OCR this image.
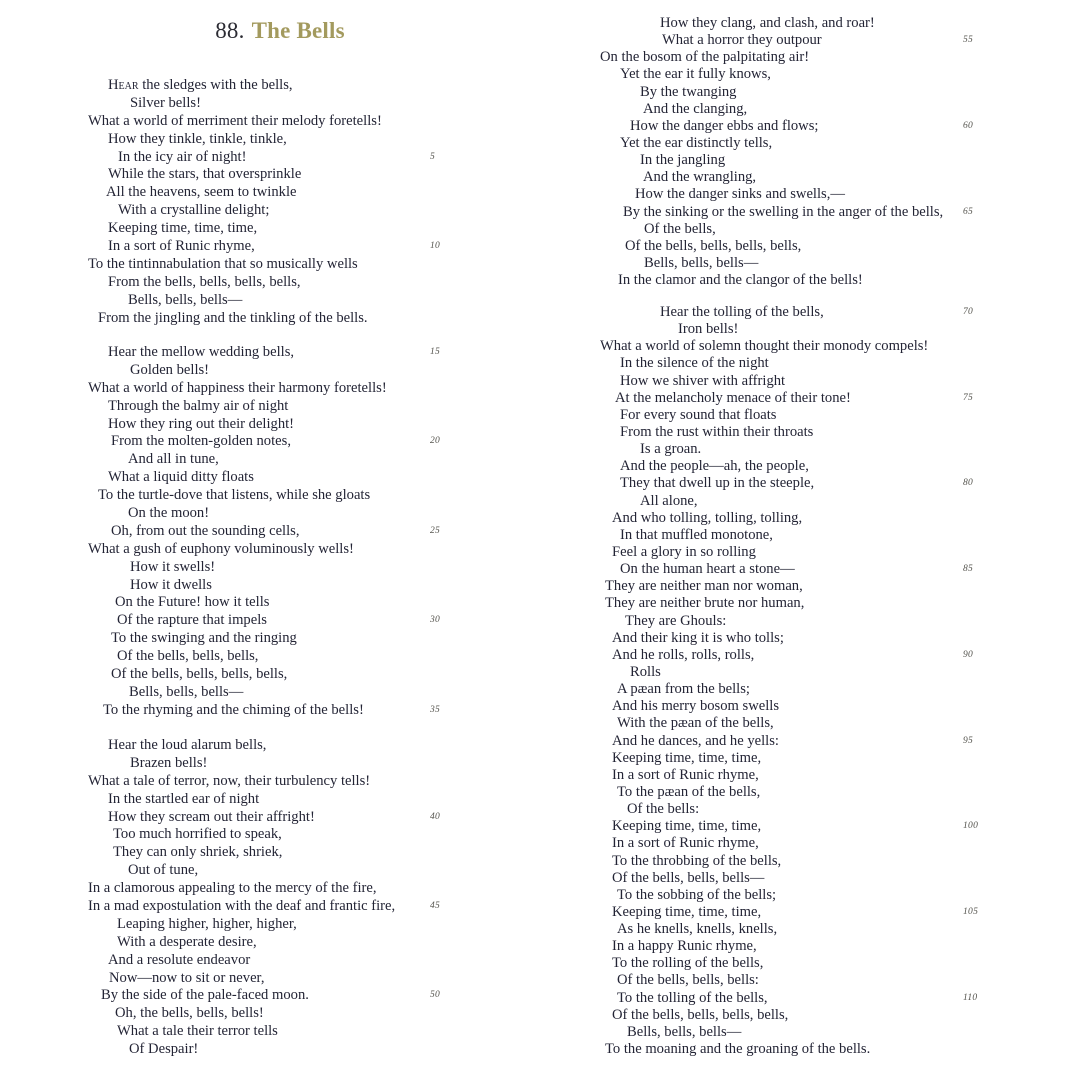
88. The Bells
Hear the sledges with the bells,
Silver bells!
What a world of merriment their melody foretells!
How they tinkle, tinkle, tinkle,
In the icy air of night!	5
While the stars, that oversprinkle
All the heavens, seem to twinkle
With a crystalline delight;
Keeping time, time, time,
In a sort of Runic rhyme,	10
To the tintinnabulation that so musically wells
From the bells, bells, bells, bells,
Bells, bells, bells—
From the jingling and the tinkling of the bells.
Hear the mellow wedding bells,	15
Golden bells!
What a world of happiness their harmony foretells!
Through the balmy air of night
How they ring out their delight!
From the molten-golden notes,	20
And all in tune,
What a liquid ditty floats
To the turtle-dove that listens, while she gloats
On the moon!
Oh, from out the sounding cells,	25
What a gush of euphony voluminously wells!
How it swells!
How it dwells
On the Future! how it tells
Of the rapture that impels	30
To the swinging and the ringing
Of the bells, bells, bells,
Of the bells, bells, bells, bells,
Bells, bells, bells—
To the rhyming and the chiming of the bells!	35
Hear the loud alarum bells,
Brazen bells!
What a tale of terror, now, their turbulency tells!
In the startled ear of night
How they scream out their affright!	40
Too much horrified to speak,
They can only shriek, shriek,
Out of tune,
In a clamorous appealing to the mercy of the fire,
In a mad expostulation with the deaf and frantic fire,	45
Leaping higher, higher, higher,
With a desperate desire,
And a resolute endeavor
Now—now to sit or never,
By the side of the pale-faced moon.	50
Oh, the bells, bells, bells!
What a tale their terror tells
Of Despair!
How they clang, and clash, and roar!
What a horror they outpour	55
On the bosom of the palpitating air!
Yet the ear it fully knows,
By the twanging
And the clanging,
How the danger ebbs and flows;	60
Yet the ear distinctly tells,
In the jangling
And the wrangling,
How the danger sinks and swells,—
By the sinking or the swelling in the anger of the bells, 65
Of the bells,
Of the bells, bells, bells, bells,
Bells, bells, bells—
In the clamor and the clangor of the bells!
Hear the tolling of the bells,	70
Iron bells!
What a world of solemn thought their monody compels!
In the silence of the night
How we shiver with affright
At the melancholy menace of their tone!	75
For every sound that floats
From the rust within their throats
Is a groan.
And the people—ah, the people,
They that dwell up in the steeple,	80
All alone,
And who tolling, tolling, tolling,
In that muffled monotone,
Feel a glory in so rolling
On the human heart a stone—	85
They are neither man nor woman,
They are neither brute nor human,
They are Ghouls:
And their king it is who tolls;
And he rolls, rolls, rolls,	90
Rolls
A pæan from the bells;
And his merry bosom swells
With the pæan of the bells,
And he dances, and he yells:	95
Keeping time, time, time,
In a sort of Runic rhyme,
To the pæan of the bells,
Of the bells:
Keeping time, time, time,	100
In a sort of Runic rhyme,
To the throbbing of the bells,
Of the bells, bells, bells—
To the sobbing of the bells;
Keeping time, time, time,	105
As he knells, knells, knells,
In a happy Runic rhyme,
To the rolling of the bells,
Of the bells, bells, bells:
To the tolling of the bells,	110
Of the bells, bells, bells, bells,
Bells, bells, bells—
To the moaning and the groaning of the bells.
